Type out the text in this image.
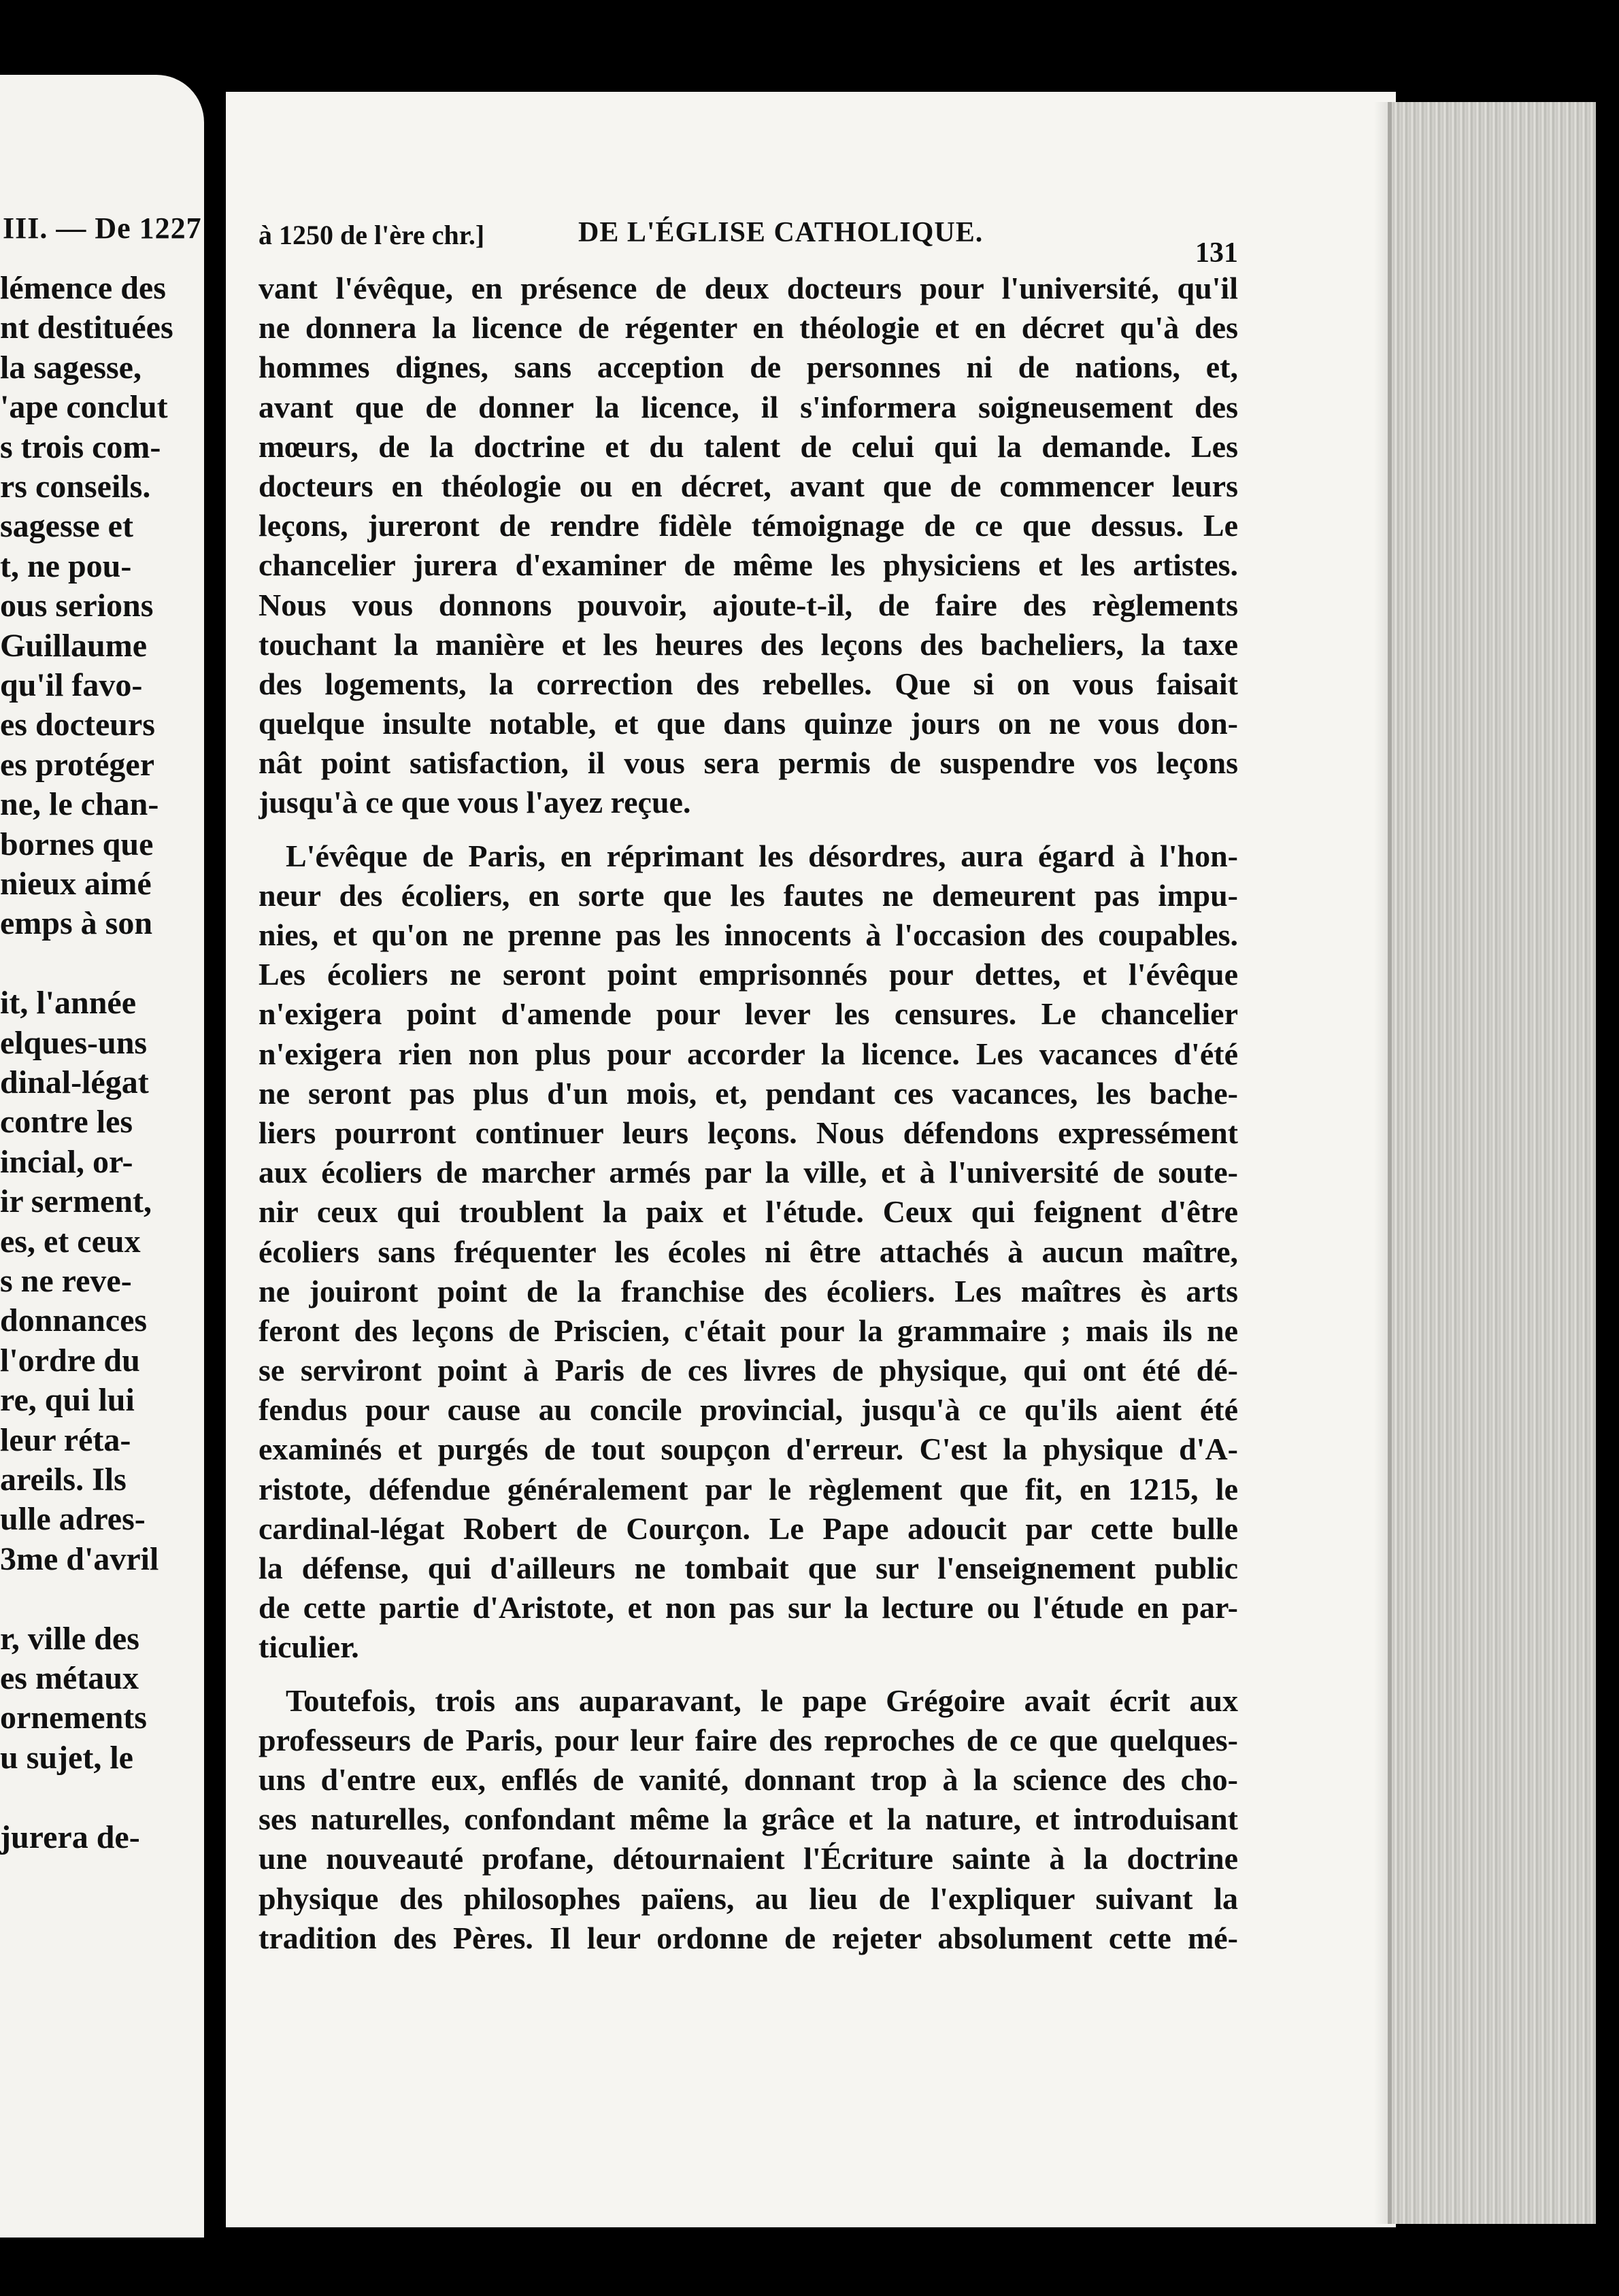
III. — De 1227
lémence des
nt destituées
la sagesse,
'ape conclut
s trois com-
rs conseils.
sagesse et
t, ne pou-
ous serions
Guillaume
qu'il favo-
es docteurs
es protéger
ne, le chan-
bornes que
nieux aimé
emps à son
it, l'année
elques-uns
dinal-légat
contre les
incial, or-
ir serment,
es, et ceux
s ne reve-
donnances
l'ordre du
re, qui lui
leur réta-
areils. Ils
ulle adres-
3me d'avril
r, ville des
es métaux
ornements
u sujet, le
jurera de-
à 1250 de l'ère chr.]	DE L'ÉGLISE CATHOLIQUE.
131
vant l'évêque, en présence de deux docteurs pour l'université, qu'il
ne donnera la licence de régenter en théologie et en décret qu'à des
hommes dignes, sans acception de personnes ni de nations, et,
avant que de donner la licence, il s'informera soigneusement des
mœurs, de la doctrine et du talent de celui qui la demande. Les
docteurs en théologie ou en décret, avant que de commencer leurs
leçons, jureront de rendre fidèle témoignage de ce que dessus. Le
chancelier jurera d'examiner de même les physiciens et les artistes.
Nous vous donnons pouvoir, ajoute-t-il, de faire des règlements
touchant la manière et les heures des leçons des bacheliers, la taxe
des logements, la correction des rebelles. Que si on vous faisait
quelque insulte notable, et que dans quinze jours on ne vous don-
nât point satisfaction, il vous sera permis de suspendre vos leçons
jusqu'à ce que vous l'ayez reçue.
L'évêque de Paris, en réprimant les désordres, aura égard à l'hon-
neur des écoliers, en sorte que les fautes ne demeurent pas impu-
nies, et qu'on ne prenne pas les innocents à l'occasion des coupables.
Les écoliers ne seront point emprisonnés pour dettes, et l'évêque
n'exigera point d'amende pour lever les censures. Le chancelier
n'exigera rien non plus pour accorder la licence. Les vacances d'été
ne seront pas plus d'un mois, et, pendant ces vacances, les bache-
liers pourront continuer leurs leçons. Nous défendons expressément
aux écoliers de marcher armés par la ville, et à l'université de soute-
nir ceux qui troublent la paix et l'étude. Ceux qui feignent d'être
écoliers sans fréquenter les écoles ni être attachés à aucun maître,
ne jouiront point de la franchise des écoliers. Les maîtres ès arts
feront des leçons de Priscien, c'était pour la grammaire ; mais ils ne
se serviront point à Paris de ces livres de physique, qui ont été dé-
fendus pour cause au concile provincial, jusqu'à ce qu'ils aient été
examinés et purgés de tout soupçon d'erreur. C'est la physique d'A-
ristote, défendue généralement par le règlement que fit, en 1215, le
cardinal-légat Robert de Courçon. Le Pape adoucit par cette bulle
la défense, qui d'ailleurs ne tombait que sur l'enseignement public
de cette partie d'Aristote, et non pas sur la lecture ou l'étude en par-
ticulier.
Toutefois, trois ans auparavant, le pape Grégoire avait écrit aux
professeurs de Paris, pour leur faire des reproches de ce que quelques-
uns d'entre eux, enflés de vanité, donnant trop à la science des cho-
ses naturelles, confondant même la grâce et la nature, et introduisant
une nouveauté profane, détournaient l'Écriture sainte à la doctrine
physique des philosophes païens, au lieu de l'expliquer suivant la
tradition des Pères. Il leur ordonne de rejeter absolument cette mé-
